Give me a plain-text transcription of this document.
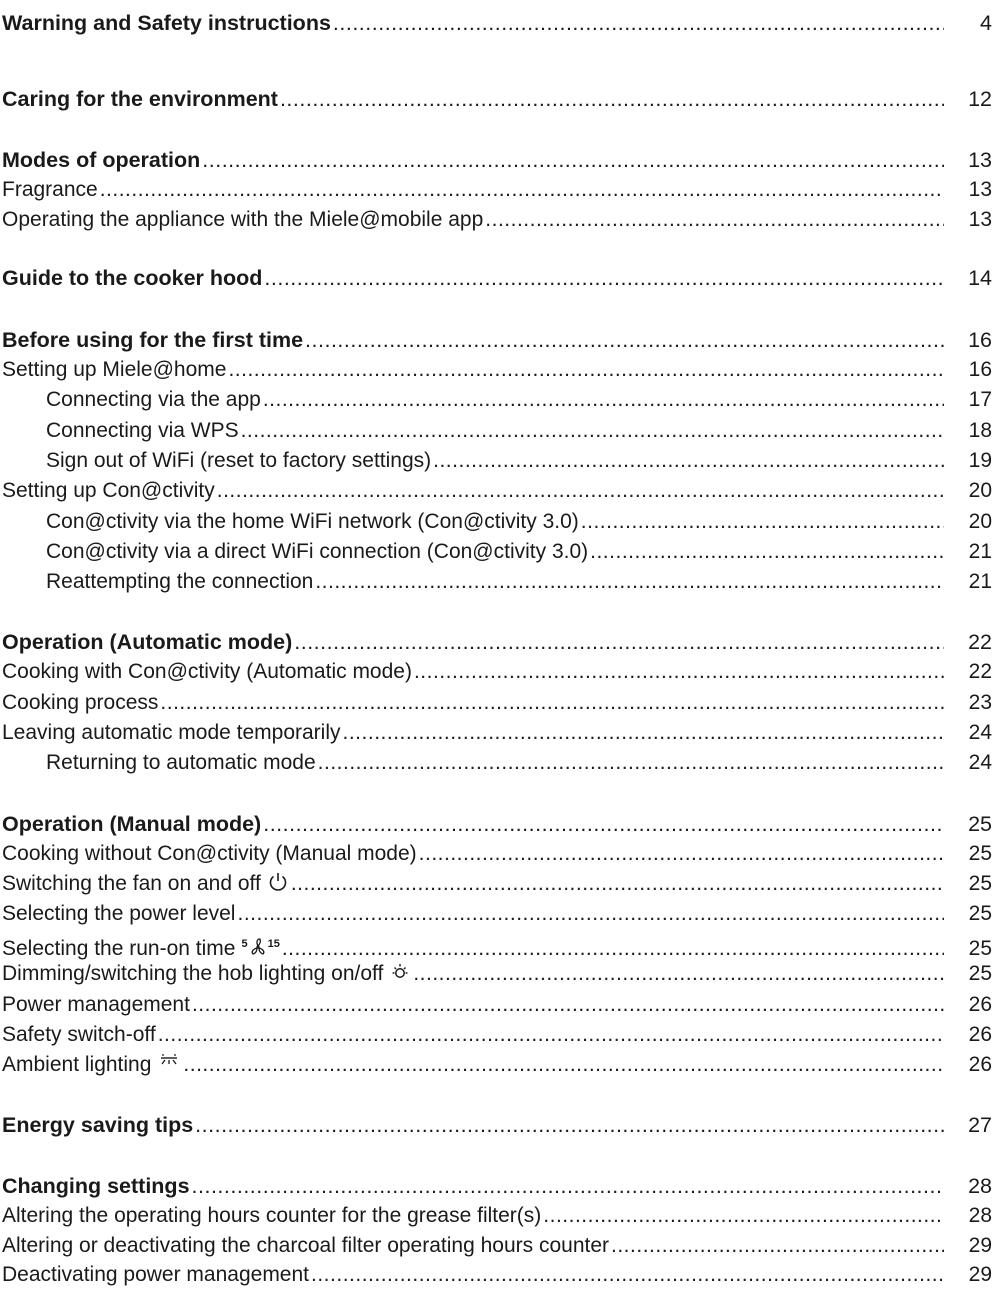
Warning and Safety instructions .....	4
Caring for the environment .....	12
Modes of operation .....	13
Fragrance .....	13
Operating the appliance with the Miele@mobile app .....	13
Guide to the cooker hood .....	14
Before using for the first time .....	16
Setting up Miele@home .....	16
Connecting via the app .....	17
Connecting via WPS .....	18
Sign out of WiFi (reset to factory settings) .....	19
Setting up Con@ctivity .....	20
Con@ctivity via the home WiFi network (Con@ctivity 3.0) .....	20
Con@ctivity via a direct WiFi connection (Con@ctivity 3.0) .....	21
Reattempting the connection .....	21
Operation (Automatic mode) .....	22
Cooking with Con@ctivity (Automatic mode) .....	22
Cooking process .....	23
Leaving automatic mode temporarily .....	24
Returning to automatic mode .....	24
Operation (Manual mode) .....	25
Cooking without Con@ctivity (Manual mode) .....	25
Switching the fan on and off .....	25
Selecting the power level .....	25
Selecting the run-on time 5 15 .....	25
Dimming/switching the hob lighting on/off .....	25
Power management .....	26
Safety switch-off .....	26
Ambient lighting .....	26
Energy saving tips .....	27
Changing settings .....	28
Altering the operating hours counter for the grease filter(s) .....	28
Altering or deactivating the charcoal filter operating hours counter .....	29
Deactivating power management .....	29
